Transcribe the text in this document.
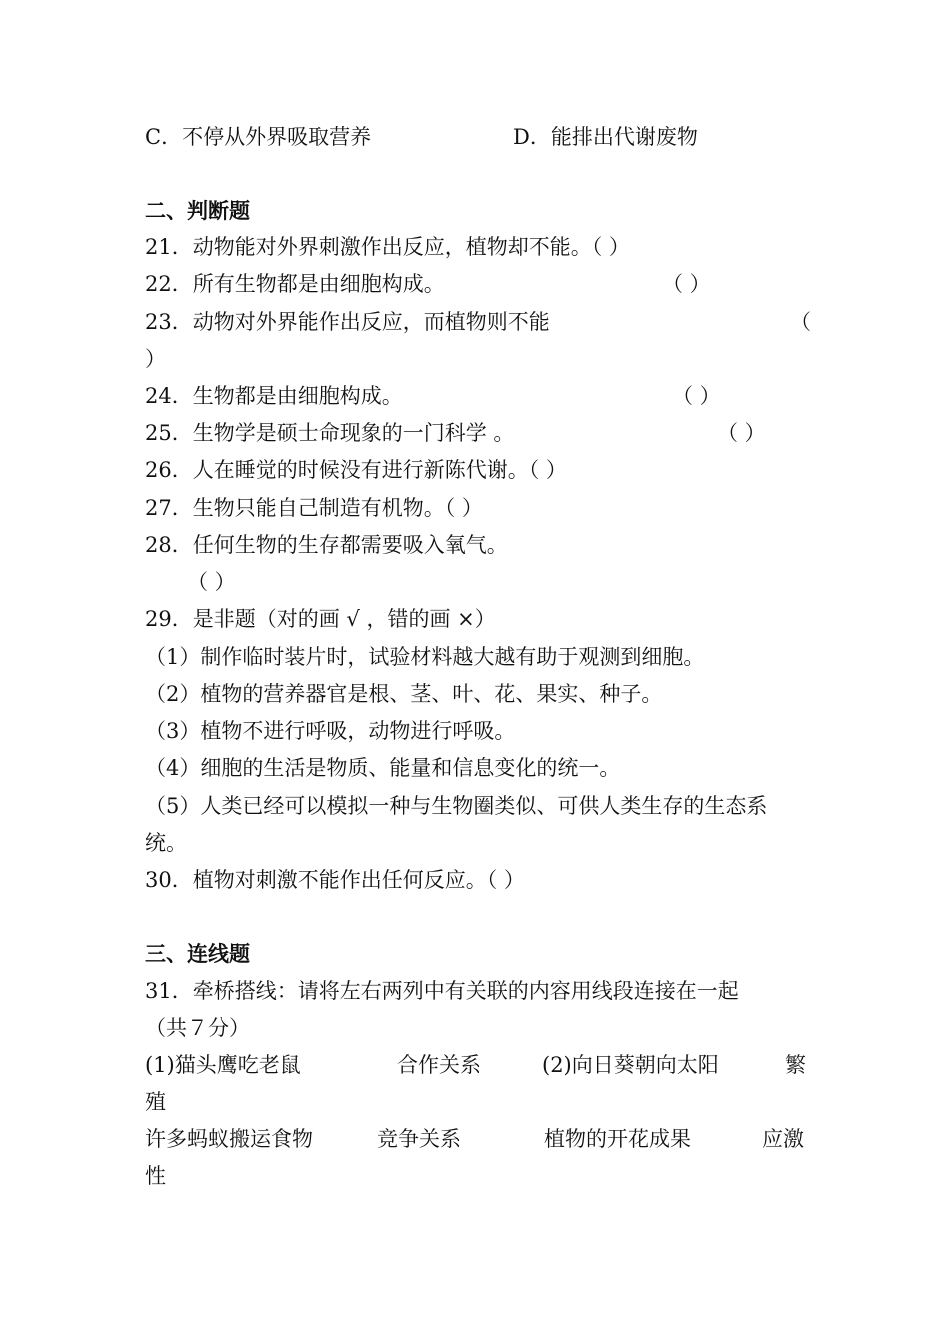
C．不停从外界吸取营养	D．能排出代谢废物
二、判断题
21．动物能对外界刺激作出反应，植物却不能。（ ）
22．所有生物都是由细胞构成。	（ ）
23．动物对外界能作出反应，而植物则不能	（
）
24．生物都是由细胞构成。	（ ）
25．生物学是硕士命现象的一门科学 。	（ ）
26．人在睡觉的时候没有进行新陈代谢。（ ）
27．生物只能自己制造有机物。（ ）
28．任何生物的生存都需要吸入氧气。
（ ）
29．是非题（对的画 √ ，错的画 ×）
（1）制作临时装片时，试验材料越大越有助于观测到细胞。
（2）植物的营养器官是根、茎、叶、花、果实、种子。
（3）植物不进行呼吸，动物进行呼吸。
（4）细胞的生活是物质、能量和信息变化的统一。
（5）人类已经可以模拟一种与生物圈类似、可供人类生存的生态系
统。
30．植物对刺激不能作出任何反应。（ ）
三、连线题
31．牵桥搭线：请将左右两列中有关联的内容用线段连接在一起
（共７分）
(1)猫头鹰吃老鼠	合作关系	(2)向日葵朝向太阳	繁
殖
许多蚂蚁搬运食物	竞争关系	植物的开花成果	应激
性
